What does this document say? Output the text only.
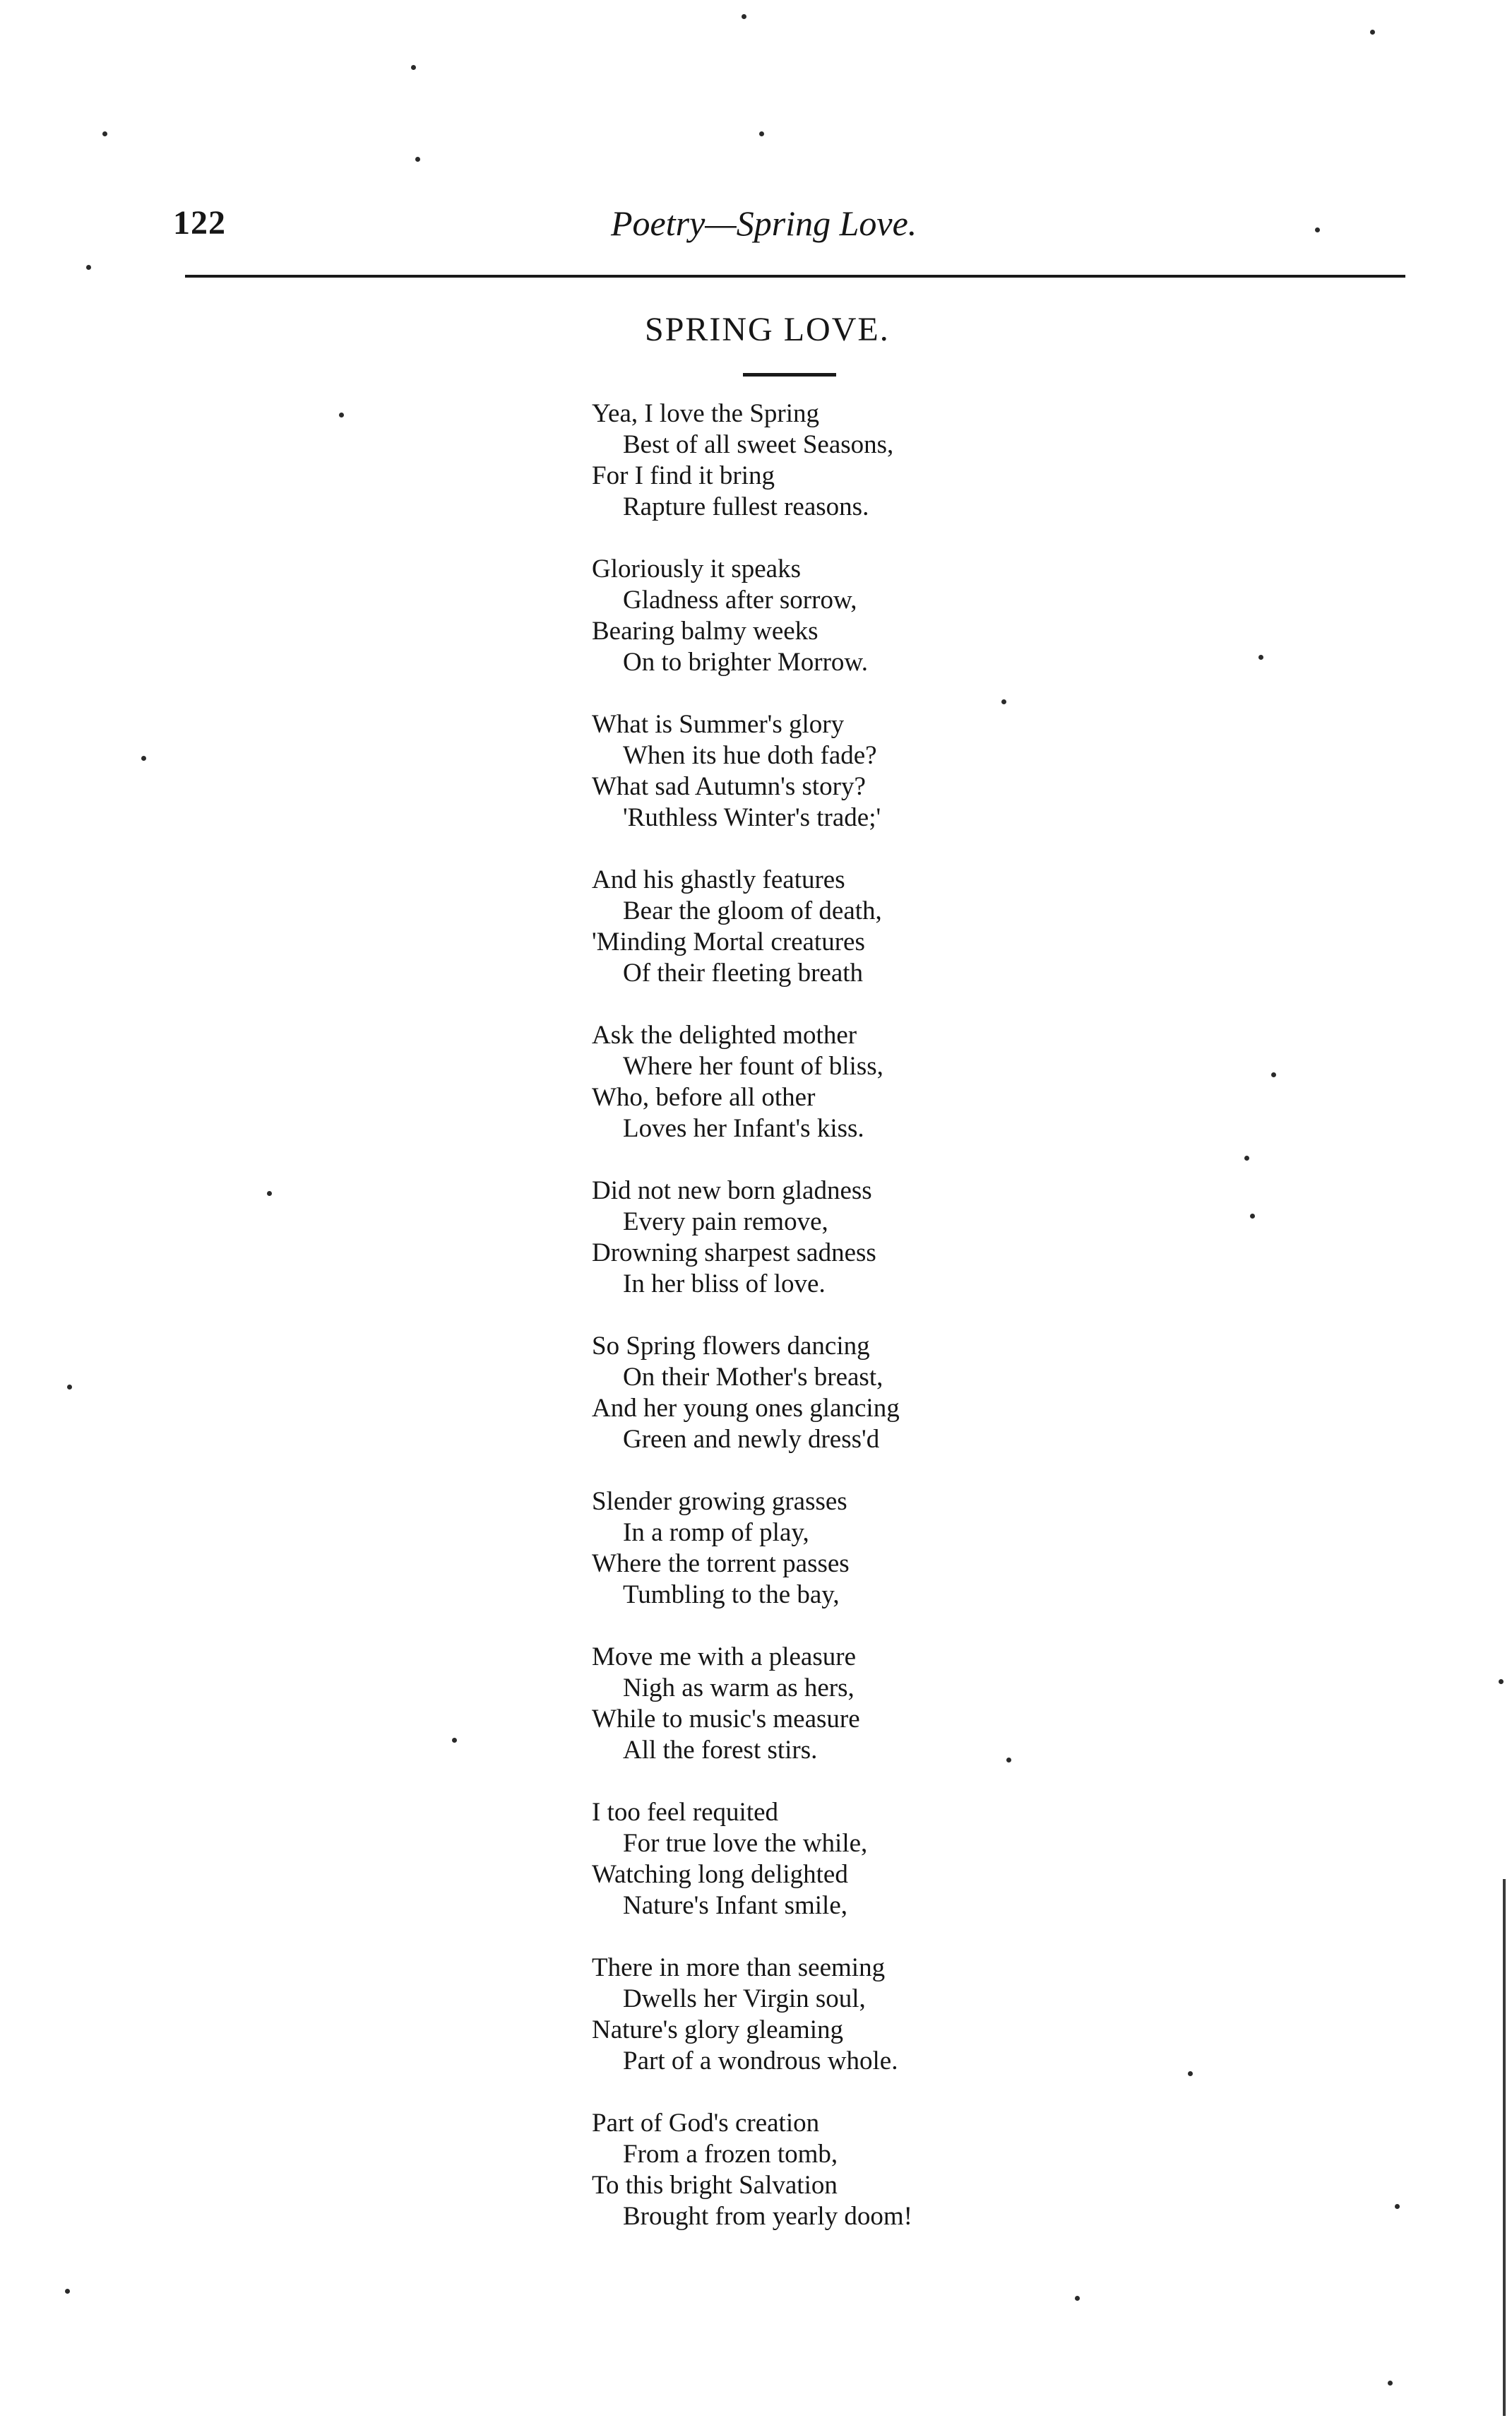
122	Poetry—Spring Love.
SPRING LOVE.
Yea, I love the Spring
Best of all sweet Seasons,
For I find it bring
Rapture fullest reasons.
Gloriously it speaks
Gladness after sorrow,
Bearing balmy weeks
On to brighter Morrow.
What is Summer's glory
When its hue doth fade?
What sad Autumn's story?
'Ruthless Winter's trade;'
And his ghastly features
Bear the gloom of death,
'Minding Mortal creatures
Of their fleeting breath
Ask the delighted mother
Where her fount of bliss,
Who, before all other
Loves her Infant's kiss.
Did not new born gladness
Every pain remove,
Drowning sharpest sadness
In her bliss of love.
So Spring flowers dancing
On their Mother's breast,
And her young ones glancing
Green and newly dress'd
Slender growing grasses
In a romp of play,
Where the torrent passes
Tumbling to the bay,
Move me with a pleasure
Nigh as warm as hers,
While to music's measure
All the forest stirs.
I too feel requited
For true love the while,
Watching long delighted
Nature's Infant smile,
There in more than seeming
Dwells her Virgin soul,
Nature's glory gleaming
Part of a wondrous whole.
Part of God's creation
From a frozen tomb,
To this bright Salvation
Brought from yearly doom!
